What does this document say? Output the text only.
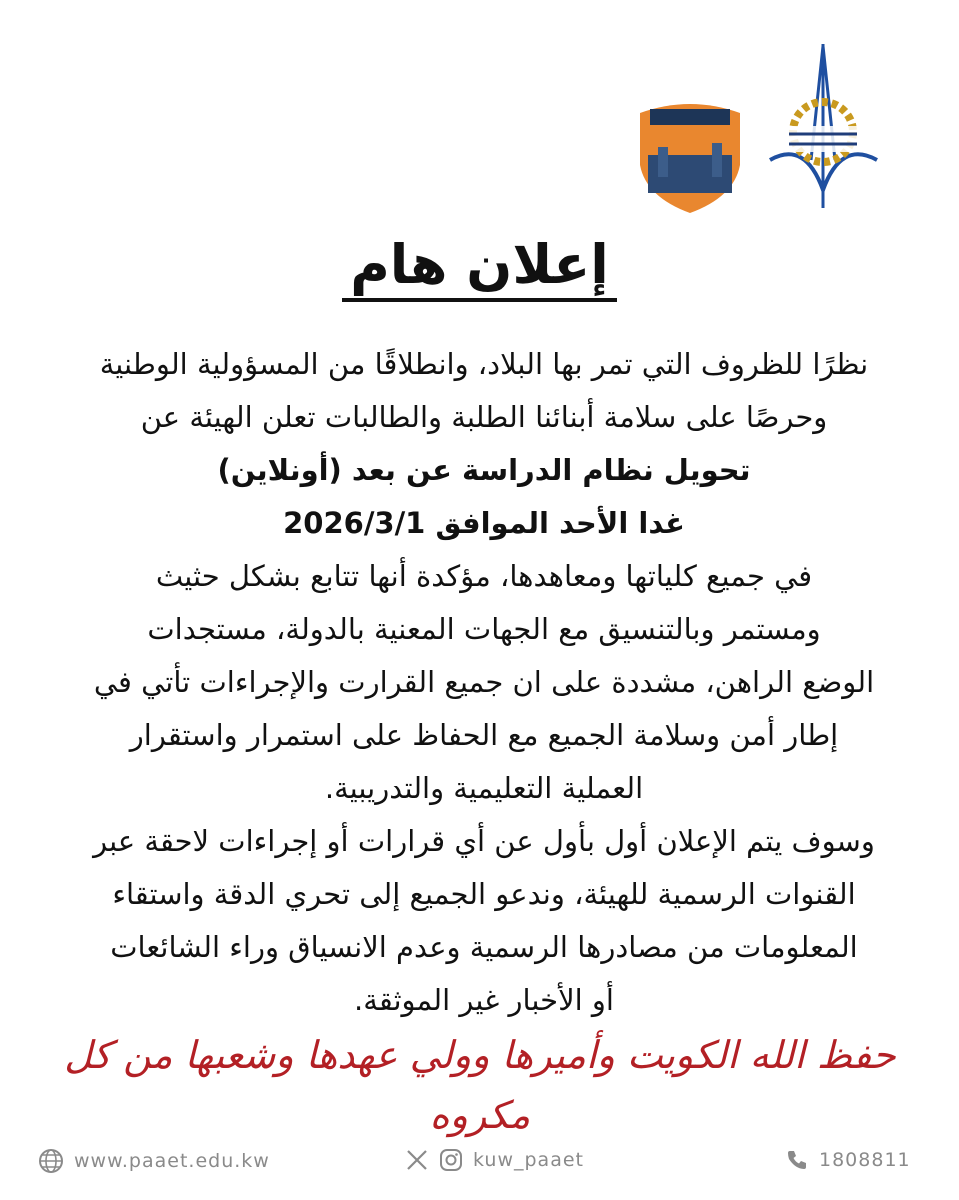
إعلان هام

نظرًا للظروف التي تمر بها البلاد، وانطلاقًا من المسؤولية الوطنية

وحرصًا على سلامة أبنائنا الطلبة والطالبات تعلن الهيئة عن

تحويل نظام الدراسة عن بعد (أونلاين)

غدا الأحد الموافق 2026/3/1

في جميع كلياتها ومعاهدها، مؤكدة أنها تتابع بشكل حثيث

ومستمر وبالتنسيق مع الجهات المعنية بالدولة، مستجدات

الوضع الراهن، مشددة على ان جميع القرارت والإجراءات تأتي في

إطار أمن وسلامة الجميع مع الحفاظ على استمرار واستقرار

العملية التعليمية والتدريبية.

وسوف يتم الإعلان أول بأول عن أي قرارات أو إجراءات لاحقة عبر

القنوات الرسمية للهيئة، وندعو الجميع إلى تحري الدقة واستقاء

المعلومات من مصادرها الرسمية وعدم الانسياق وراء الشائعات

أو الأخبار غير الموثقة.

حفظ الله الكويت وأميرها وولي عهدها وشعبها من كل مكروه
www.paaet.edu.kw	kuw_paaet	1808811
